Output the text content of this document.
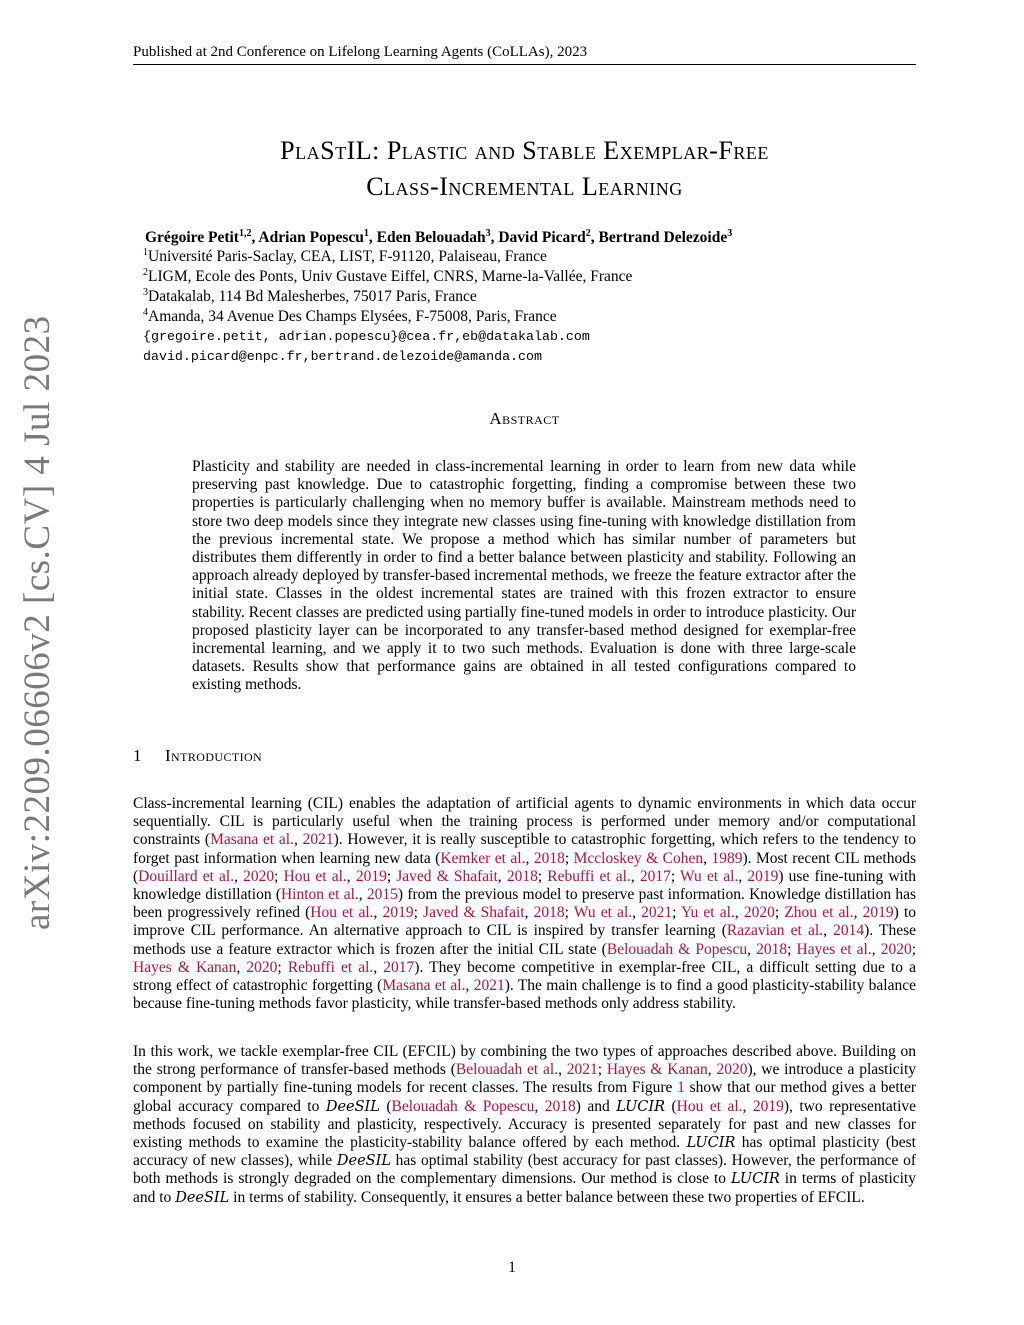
Published at 2nd Conference on Lifelong Learning Agents (CoLLAs), 2023
arXiv:2209.06606v2 [cs.CV] 4 Jul 2023
PlaStIL: Plastic and Stable Exemplar-Free
Class-Incremental Learning
Grégoire Petit$^{1,2}$, Adrian Popescu$^1$, Eden Belouadah$^3$, David Picard$^2$, Bertrand Delezoide$^3$
$^1$Université Paris-Saclay, CEA, LIST, F-91120, Palaiseau, France
$^2$LIGM, Ecole des Ponts, Univ Gustave Eiffel, CNRS, Marne-la-Vallée, France
$^3$Datakalab, 114 Bd Malesherbes, 75017 Paris, France
$^4$Amanda, 34 Avenue Des Champs Elysées, F-75008, Paris, France
{gregoire.petit, adrian.popescu}@cea.fr,eb@datakalab.com
david.picard@enpc.fr,bertrand.delezoide@amanda.com
Abstract
Plasticity and stability are needed in class-incremental learning in order to learn from new data while preserving past knowledge. Due to catastrophic forgetting, finding a compromise between these two properties is particularly challenging when no memory buffer is available. Mainstream methods need to store two deep models since they integrate new classes using fine-tuning with knowledge distillation from the previous incremental state. We propose a method which has similar number of parameters but distributes them differently in order to find a better balance between plasticity and stability. Following an approach already deployed by transfer-based incremental methods, we freeze the feature extractor after the initial state. Classes in the oldest incremental states are trained with this frozen extractor to ensure stability. Recent classes are predicted using partially fine-tuned models in order to introduce plasticity. Our proposed plasticity layer can be incorporated to any transfer-based method designed for exemplar-free incremental learning, and we apply it to two such methods. Evaluation is done with three large-scale datasets. Results show that performance gains are obtained in all tested configurations compared to existing methods.
1 Introduction
Class-incremental learning (CIL) enables the adaptation of artificial agents to dynamic environments in which data occur sequentially. CIL is particularly useful when the training process is performed under memory and/or computational constraints (Masana et al., 2021). However, it is really susceptible to catastrophic forgetting, which refers to the tendency to forget past information when learning new data (Kemker et al., 2018; Mccloskey & Cohen, 1989). Most recent CIL methods (Douillard et al., 2020; Hou et al., 2019; Javed & Shafait, 2018; Rebuffi et al., 2017; Wu et al., 2019) use fine-tuning with knowledge distillation (Hinton et al., 2015) from the previous model to preserve past information. Knowledge distillation has been progressively refined (Hou et al., 2019; Javed & Shafait, 2018; Wu et al., 2021; Yu et al., 2020; Zhou et al., 2019) to improve CIL performance. An alternative approach to CIL is inspired by transfer learning (Razavian et al., 2014). These methods use a feature extractor which is frozen after the initial CIL state (Belouadah & Popescu, 2018; Hayes et al., 2020; Hayes & Kanan, 2020; Rebuffi et al., 2017). They become competitive in exemplar-free CIL, a difficult setting due to a strong effect of catastrophic forgetting (Masana et al., 2021). The main challenge is to find a good plasticity-stability balance because fine-tuning methods favor plasticity, while transfer-based methods only address stability.
In this work, we tackle exemplar-free CIL (EFCIL) by combining the two types of approaches described above. Building on the strong performance of transfer-based methods (Belouadah et al., 2021; Hayes & Kanan, 2020), we introduce a plasticity component by partially fine-tuning models for recent classes. The results from Figure 1 show that our method gives a better global accuracy compared to DeeSIL (Belouadah & Popescu, 2018) and LUCIR (Hou et al., 2019), two representative methods focused on stability and plasticity, respectively. Accuracy is presented separately for past and new classes for existing methods to examine the plasticity-stability balance offered by each method. LUCIR has optimal plasticity (best accuracy of new classes), while DeeSIL has optimal stability (best accuracy for past classes). However, the performance of both methods is strongly degraded on the complementary dimensions. Our method is close to LUCIR in terms of plasticity and to DeeSIL in terms of stability. Consequently, it ensures a better balance between these two properties of EFCIL.
1
